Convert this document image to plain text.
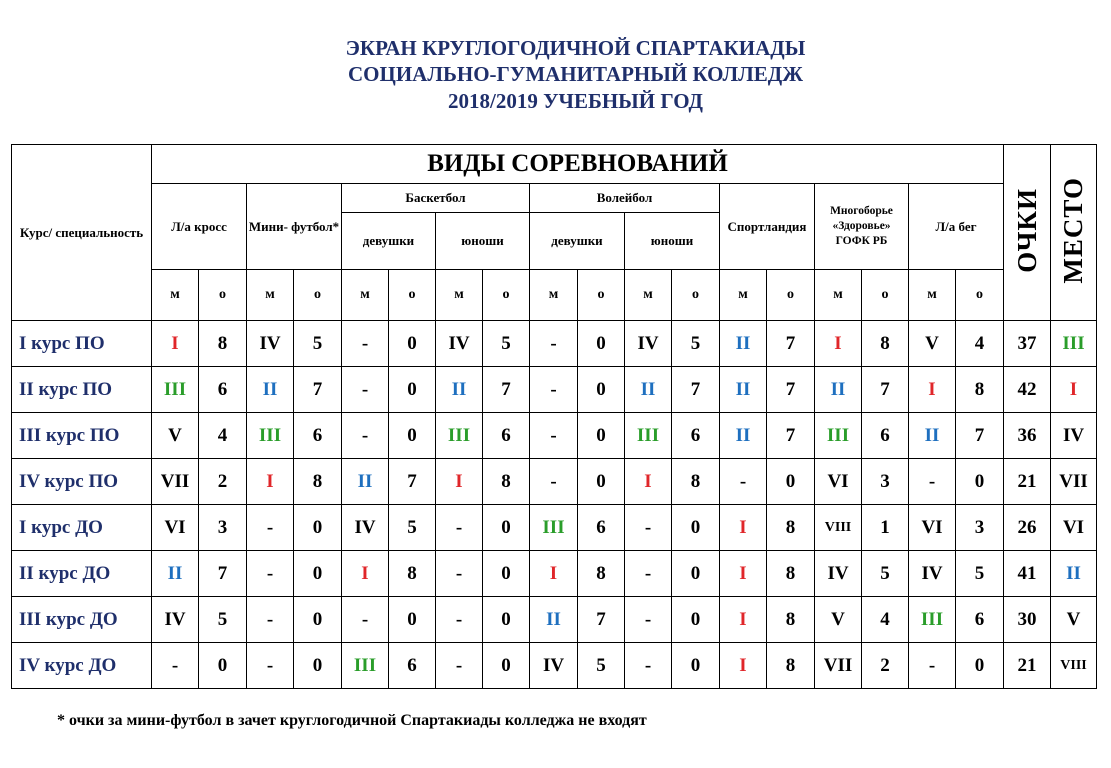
ЭКРАН КРУГЛОГОДИЧНОЙ СПАРТАКИАДЫ
СОЦИАЛЬНО-ГУМАНИТАРНЫЙ КОЛЛЕДЖ
2018/2019 УЧЕБНЫЙ ГОД
Курс/ специальность	ВИДЫ СОРЕВНОВАНИЙ																		ОЧКИ	МЕСТО
	Л/а кросс		Мини- футбол*		Баскетбол				Волейбол				Спортландия		Многоборье «Здоровье» ГОФК РБ		Л/а бег			
					девушки		юноши		девушки		юноши									
	м	о	м	о	м	о	м	о	м	о	м	о	м	о	м	о	м	о		
I курс ПО	I	8	IV	5	-	0	IV	5	-	0	IV	5	II	7	I	8	V	4	37	III
II курс ПО	III	6	II	7	-	0	II	7	-	0	II	7	II	7	II	7	I	8	42	I
III курс ПО	V	4	III	6	-	0	III	6	-	0	III	6	II	7	III	6	II	7	36	IV
IV курс ПО	VII	2	I	8	II	7	I	8	-	0	I	8	-	0	VI	3	-	0	21	VII
I курс ДО	VI	3	-	0	IV	5	-	0	III	6	-	0	I	8	VIII	1	VI	3	26	VI
II курс ДО	II	7	-	0	I	8	-	0	I	8	-	0	I	8	IV	5	IV	5	41	II
III курс ДО	IV	5	-	0	-	0	-	0	II	7	-	0	I	8	V	4	III	6	30	V
IV курс ДО	-	0	-	0	III	6	-	0	IV	5	-	0	I	8	VII	2	-	0	21	VIII
* очки за мини-футбол в зачет круглогодичной Спартакиады колледжа не входят
